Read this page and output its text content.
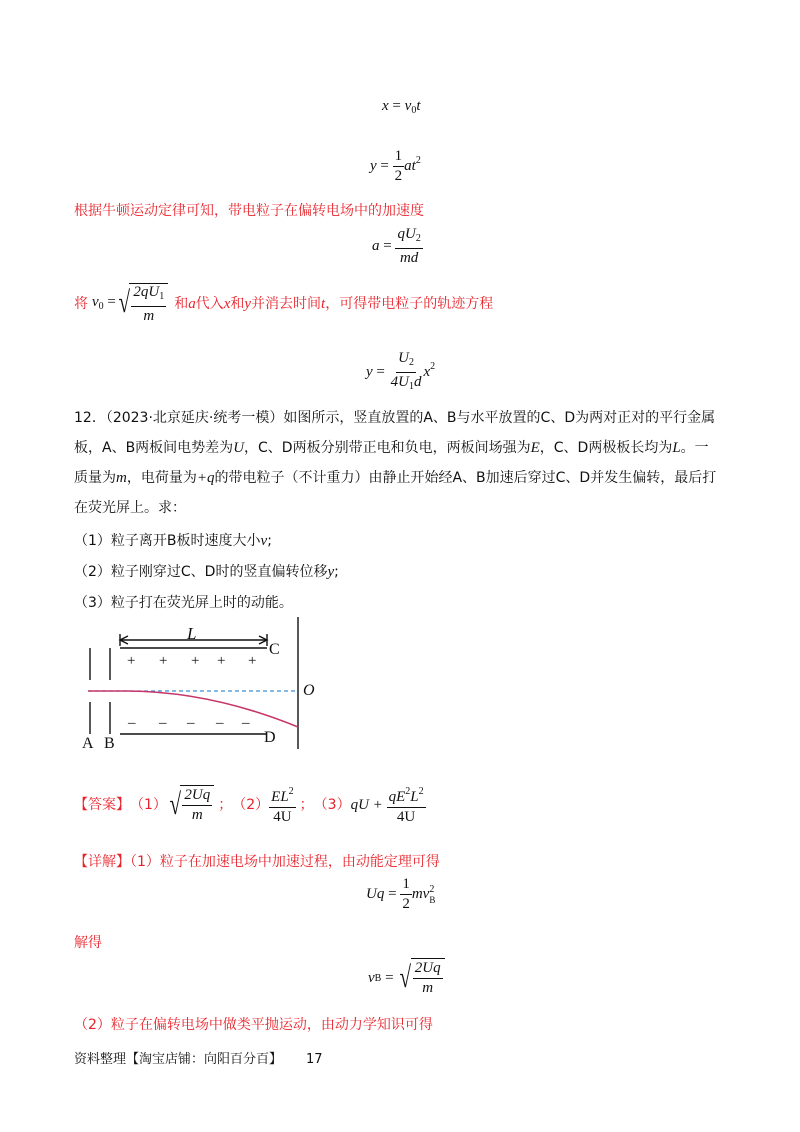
$x = v_0t$
$y = \frac{1}{2} at^2$
根据牛顿运动定律可知，带电粒子在偏转电场中的加速度
$a = \frac{qU_2}{md}$
将 $v_0$ = √ $\frac{2qU_1}{m}$ 和 a 代入 x 和 y 并消去时间 t ，可得带电粒子的轨迹方程
$y = \frac{U_2}{4U_1d} x^2$
12．（2023·北京延庆·统考一模）如图所示，竖直放置的A、B与水平放置的C、D为两对正对的平行金属
板，A、B两板间电势差为U，C、D两板分别带正电和负电，两板间场强为E，C、D两极板长均为L。一
质量为m，电荷量为+q的带电粒子（不计重力）由静止开始经A、B加速后穿过C、D并发生偏转，最后打
在荧光屏上。求：
（1）粒子离开B板时速度大小v;
（2）粒子刚穿过C、D时的竖直偏转位移y;
（3）粒子打在荧光屏上时的动能。
L
C
D
O
A B
+ + + + +
– – – – –
【答案】 （1） √ $\frac{2Uq}{m}$ ； $(2) \frac{EL^2}{4U}$ ； （3） qU +
$\frac{qE^2L^2}{4U}$
【详解】（1）粒子在加速电场中加速过程，由动能定理可得
$Uq = \frac{1}{2}$ mv 2
B
解得
v B = √ $\frac{2Uq}{m}$
（2）粒子在偏转电场中做类平抛运动，由动力学知识可得
资料整理【淘宝店铺：向阳百分百】 17
